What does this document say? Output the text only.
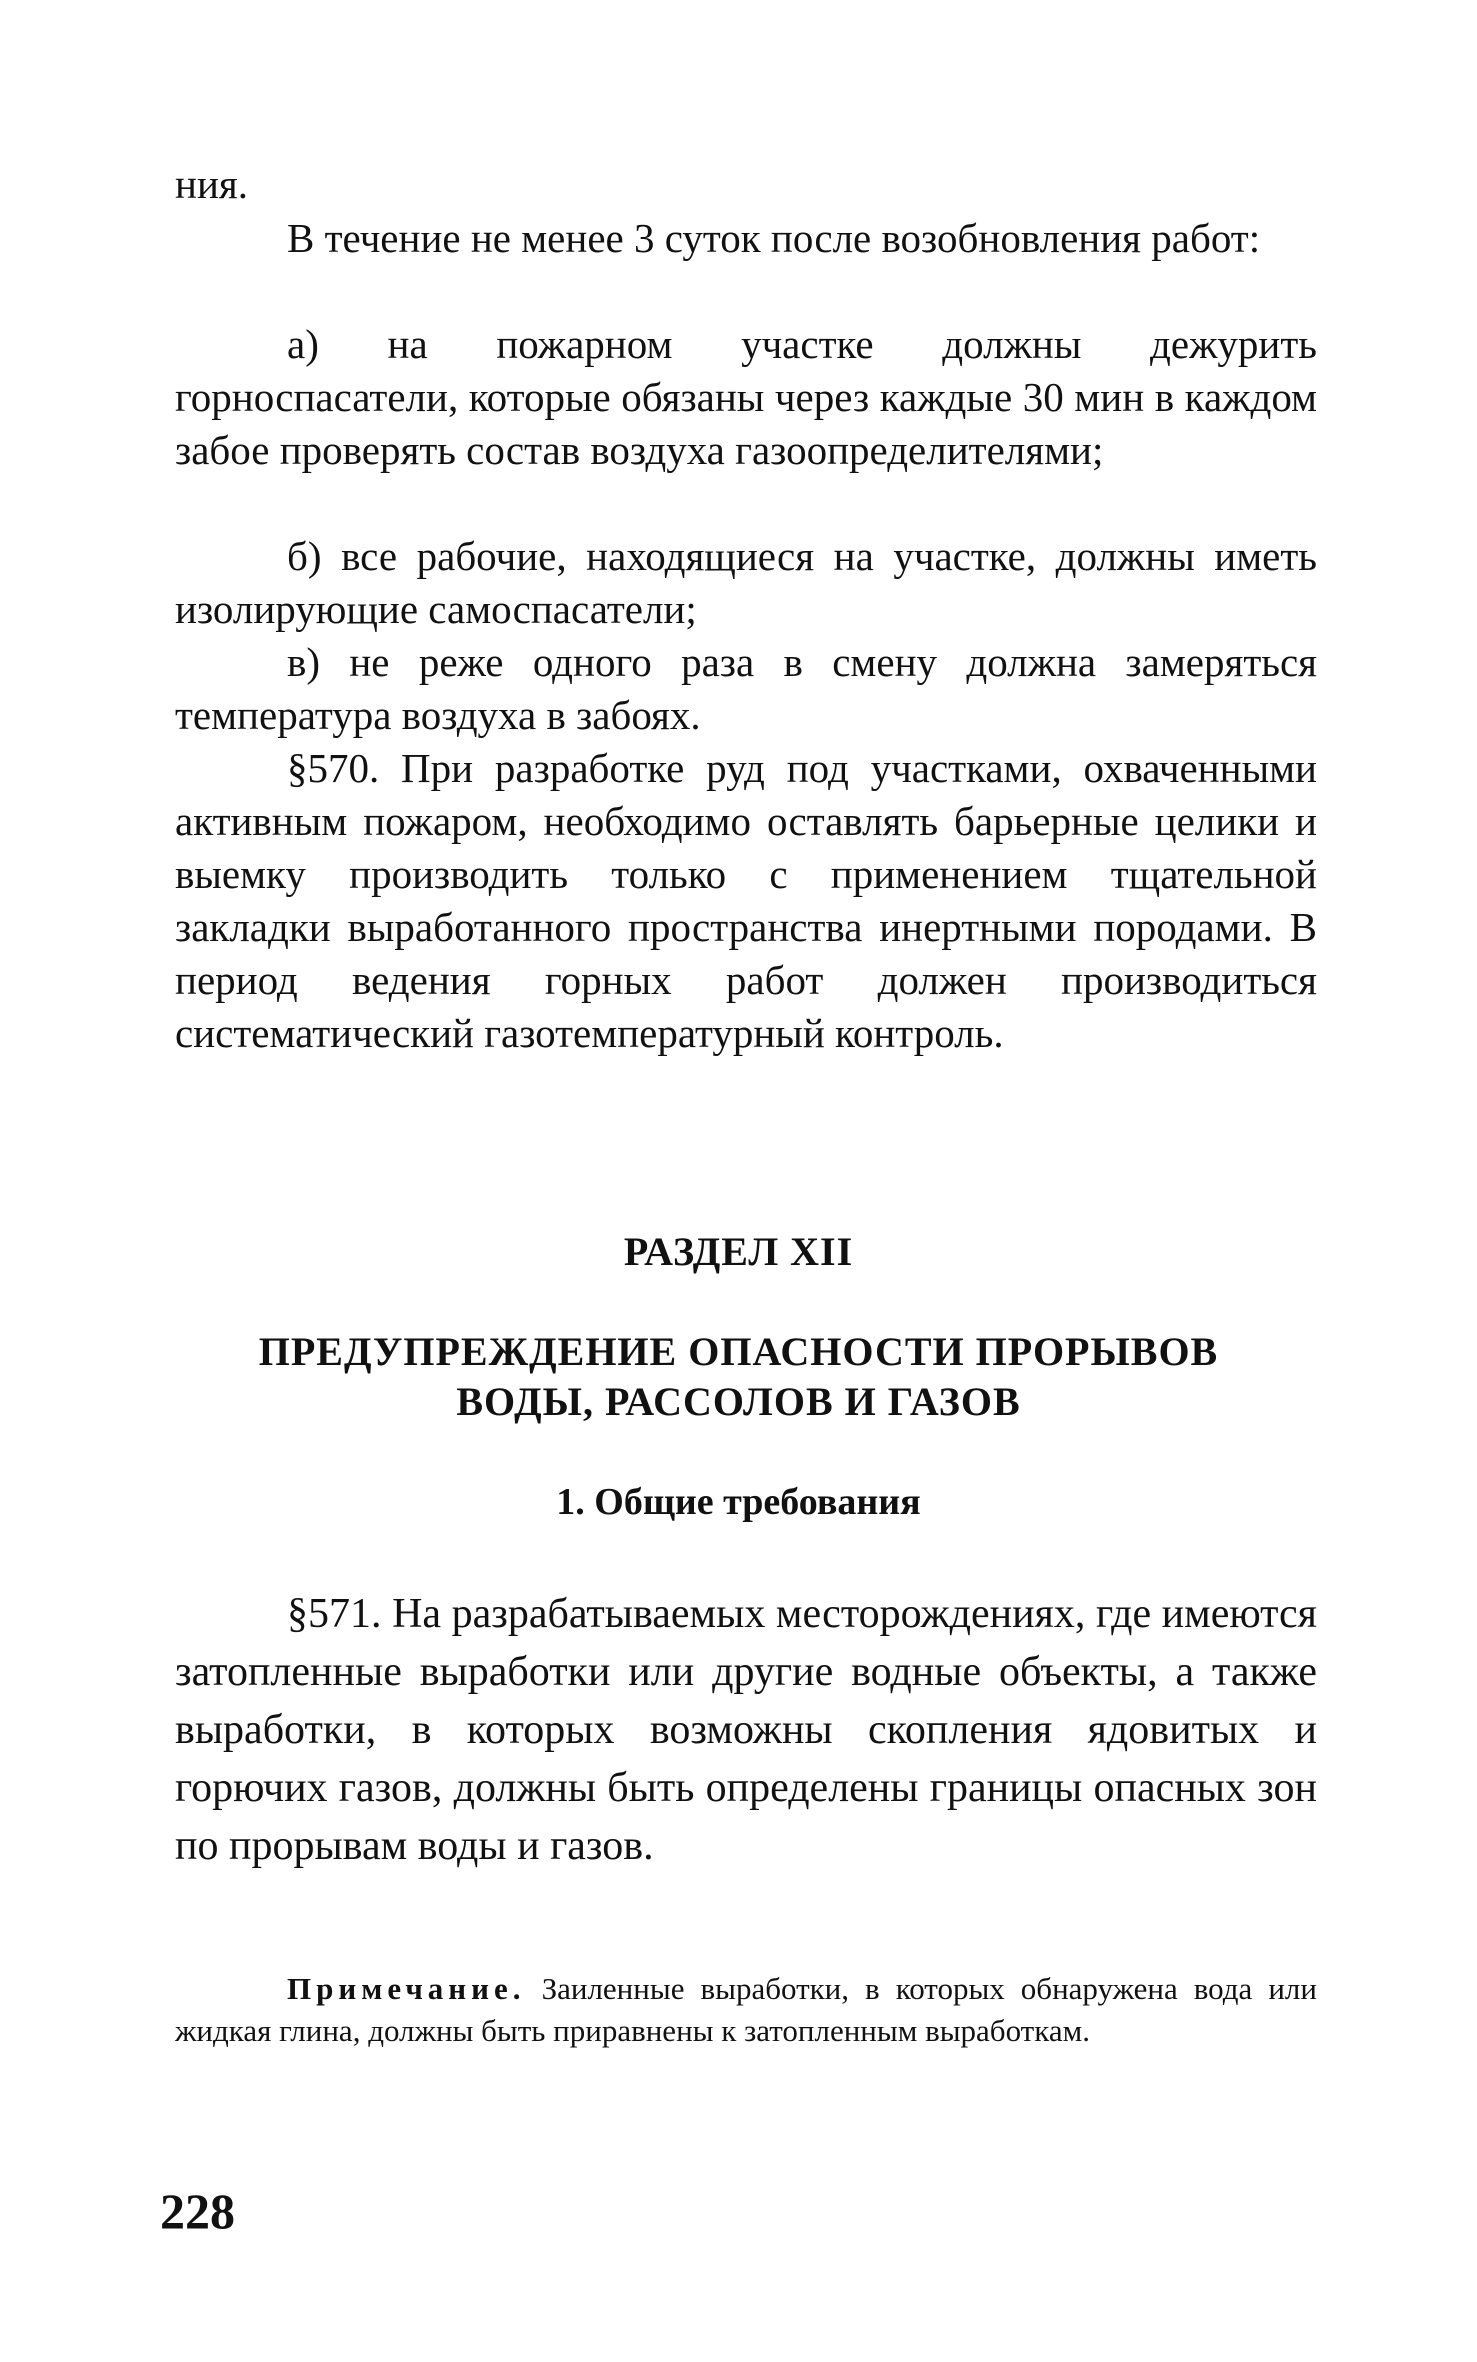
ния.

В течение не менее 3 суток после возобновления работ:

а) на пожарном участке должны дежурить горноспасатели, которые обязаны через каждые 30 мин в каждом забое проверять состав воздуха газоопределителями;

б) все рабочие, находящиеся на участке, должны иметь изолирующие самоспасатели;

в) не реже одного раза в смену должна замеряться температура воздуха в забоях.

§570. При разработке руд под участками, охваченными активным пожаром, необходимо оставлять барьерные целики и выемку производить только с применением тщательной закладки выработанного пространства инертными породами. В период ведения горных работ должен производиться систематический газотемпературный контроль.

РАЗДЕЛ XII

ПРЕДУПРЕЖДЕНИЕ ОПАСНОСТИ ПРОРЫВОВ
ВОДЫ, РАССОЛОВ И ГАЗОВ

1. Общие требования

§571. На разрабатываемых месторождениях, где имеются затопленные выработки или другие водные объекты, а также выработки, в которых возможны скопления ядовитых и горючих газов, должны быть определены границы опасных зон по прорывам воды и газов.

Примечание. Заиленные выработки, в которых обнаружена вода или жидкая глина, должны быть приравнены к затопленным выработкам.

228
